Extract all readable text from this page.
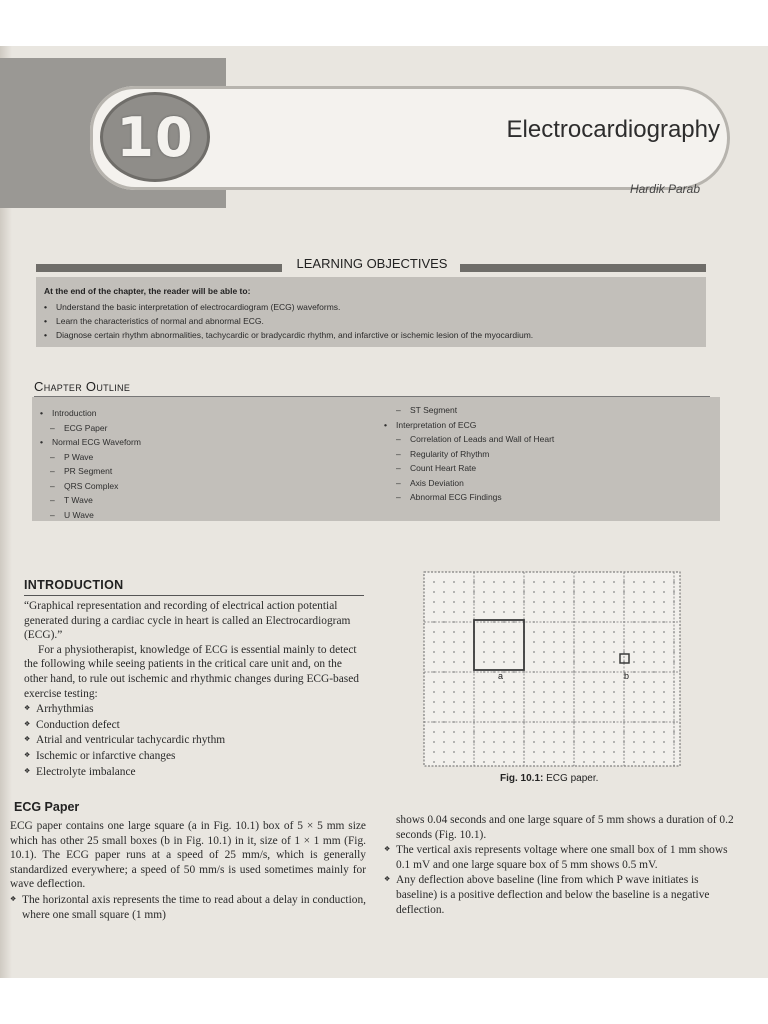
10	Electrocardiography
Hardik Parab
LEARNING OBJECTIVES
At the end of the chapter, the reader will be able to:
• Understand the basic interpretation of electrocardiogram (ECG) waveforms.
• Learn the characteristics of normal and abnormal ECG.
• Diagnose certain rhythm abnormalities, tachycardic or bradycardic rhythm, and infarctive or ischemic lesion of the myocardium.
Chapter Outline
• Introduction
– ECG Paper
• Normal ECG Waveform
– P Wave
– PR Segment
– QRS Complex
– T Wave
– U Wave
– ST Segment
• Interpretation of ECG
– Correlation of Leads and Wall of Heart
– Regularity of Rhythm
– Count Heart Rate
– Axis Deviation
– Abnormal ECG Findings
INTRODUCTION
“Graphical representation and recording of electrical action potential generated during a cardiac cycle in heart is called an Electrocardiogram (ECG).”
For a physiotherapist, knowledge of ECG is essential mainly to detect the following while seeing patients in the critical care unit and, on the other hand, to rule out ischemic and rhythmic changes during ECG-based exercise testing:
❖ Arrhythmias
❖ Conduction defect
❖ Atrial and ventricular tachycardic rhythm
❖ Ischemic or infarctive changes
❖ Electrolyte imbalance
a	b
Fig. 10.1: ECG paper.
ECG Paper
ECG paper contains one large square (a in Fig. 10.1) box of 5 × 5 mm size which has other 25 small boxes (b in Fig. 10.1) in it, size of 1 × 1 mm (Fig. 10.1). The ECG paper runs at a speed of 25 mm/s, which is generally standardized everywhere; a speed of 50 mm/s is used sometimes mainly for wave deflection.
❖ The horizontal axis represents the time to read about a delay in conduction, where one small square (1 mm)
shows 0.04 seconds and one large square of 5 mm shows a duration of 0.2 seconds (Fig. 10.1).
❖ The vertical axis represents voltage where one small box of 1 mm shows 0.1 mV and one large square box of 5 mm shows 0.5 mV.
❖ Any deflection above baseline (line from which P wave initiates is baseline) is a positive deflection and below the baseline is a negative deflection.
